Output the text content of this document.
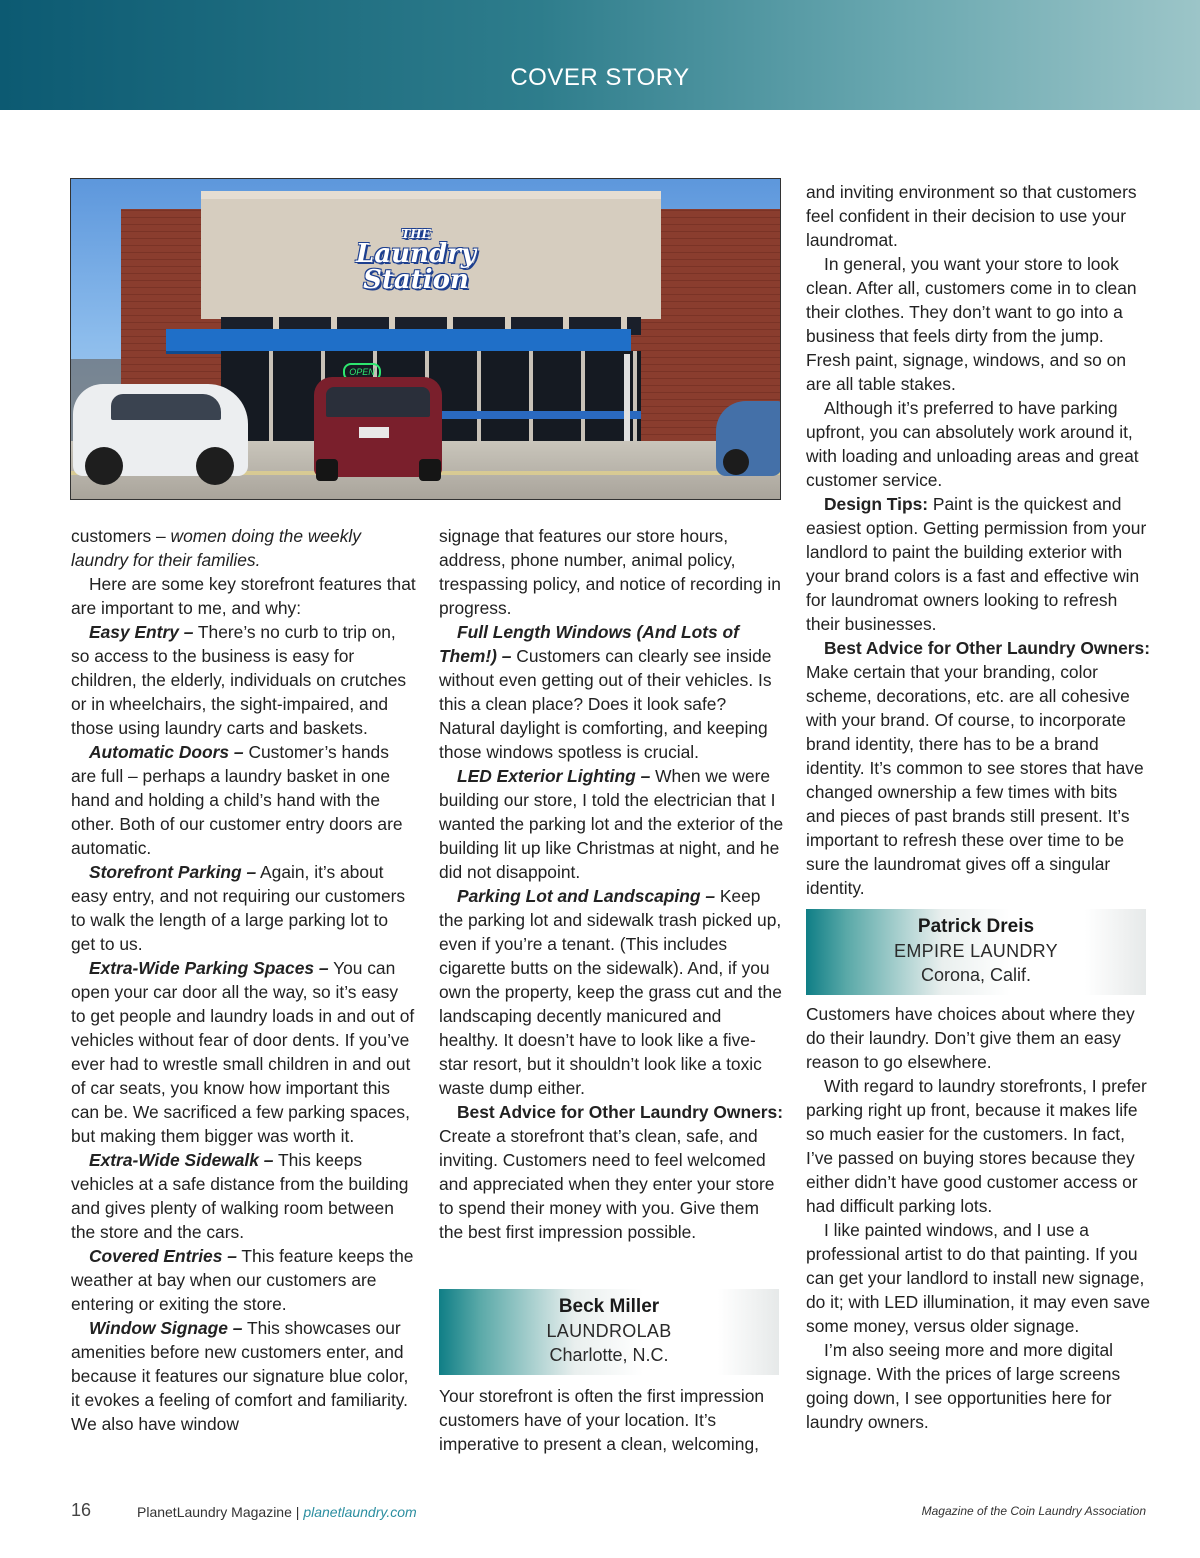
COVER STORY
THE
Laundry
Station
OPEN

customers – women doing the weekly laundry for their families.

Here are some key storefront features that are important to me, and why:

Easy Entry – There’s no curb to trip on, so access to the business is easy for children, the elderly, individuals on crutches or in wheelchairs, the sight-impaired, and those using laundry carts and baskets.

Automatic Doors – Customer’s hands are full – perhaps a laundry basket in one hand and holding a child’s hand with the other. Both of our customer entry doors are automatic.

Storefront Parking – Again, it’s about easy entry, and not requiring our customers to walk the length of a large parking lot to get to us.

Extra-Wide Parking Spaces – You can open your car door all the way, so it’s easy to get people and laundry loads in and out of vehicles without fear of door dents. If you’ve ever had to wrestle small children in and out of car seats, you know how important this can be. We sacrificed a few parking spaces, but making them bigger was worth it.

Extra-Wide Sidewalk – This keeps vehicles at a safe distance from the building and gives plenty of walking room between the store and the cars.

Covered Entries – This feature keeps the weather at bay when our customers are entering or exiting the store.

Window Signage – This showcases our amenities before new customers enter, and because it features our signature blue color, it evokes a feeling of comfort and familiarity. We also have window

signage that features our store hours, address, phone number, animal policy, trespassing policy, and notice of recording in progress.

Full Length Windows (And Lots of Them!) – Customers can clearly see inside without even getting out of their vehicles. Is this a clean place? Does it look safe? Natural daylight is comforting, and keeping those windows spotless is crucial.

LED Exterior Lighting – When we were building our store, I told the electrician that I wanted the parking lot and the exterior of the building lit up like Christmas at night, and he did not disappoint.

Parking Lot and Landscaping – Keep the parking lot and sidewalk trash picked up, even if you’re a tenant. (This includes cigarette butts on the sidewalk). And, if you own the property, keep the grass cut and the landscaping decently manicured and healthy. It doesn’t have to look like a five-star resort, but it shouldn’t look like a toxic waste dump either.

Best Advice for Other Laundry Owners:

Create a storefront that’s clean, safe, and inviting. Customers need to feel welcomed and appreciated when they enter your store to spend their money with you. Give them the best first impression possible.

Beck Miller
LAUNDROLAB
Charlotte, N.C.

Your storefront is often the first impression customers have of your location. It’s imperative to present a clean, welcoming,

and inviting environment so that customers feel confident in their decision to use your laundromat.

In general, you want your store to look clean. After all, customers come in to clean their clothes. They don’t want to go into a business that feels dirty from the jump. Fresh paint, signage, windows, and so on are all table stakes.

Although it’s preferred to have parking upfront, you can absolutely work around it, with loading and unloading areas and great customer service.

Design Tips: Paint is the quickest and easiest option. Getting permission from your landlord to paint the building exterior with your brand colors is a fast and effective win for laundromat owners looking to refresh their businesses.

Best Advice for Other Laundry Owners:

Make certain that your branding, color scheme, decorations, etc. are all cohesive with your brand. Of course, to incorporate brand identity, there has to be a brand identity. It’s common to see stores that have changed ownership a few times with bits and pieces of past brands still present. It’s important to refresh these over time to be sure the laundromat gives off a singular identity.

Patrick Dreis
EMPIRE LAUNDRY
Corona, Calif.

Customers have choices about where they do their laundry. Don’t give them an easy reason to go elsewhere.

With regard to laundry storefronts, I prefer parking right up front, because it makes life so much easier for the customers. In fact, I’ve passed on buying stores because they either didn’t have good customer access or had difficult parking lots.

I like painted windows, and I use a professional artist to do that painting. If you can get your landlord to install new signage, do it; with LED illumination, it may even save some money, versus older signage.

I’m also seeing more and more digital signage. With the prices of large screens going down, I see opportunities here for laundry owners.

16	PlanetLaundry Magazine | planetlaundry.com	Magazine of the Coin Laundry Association
